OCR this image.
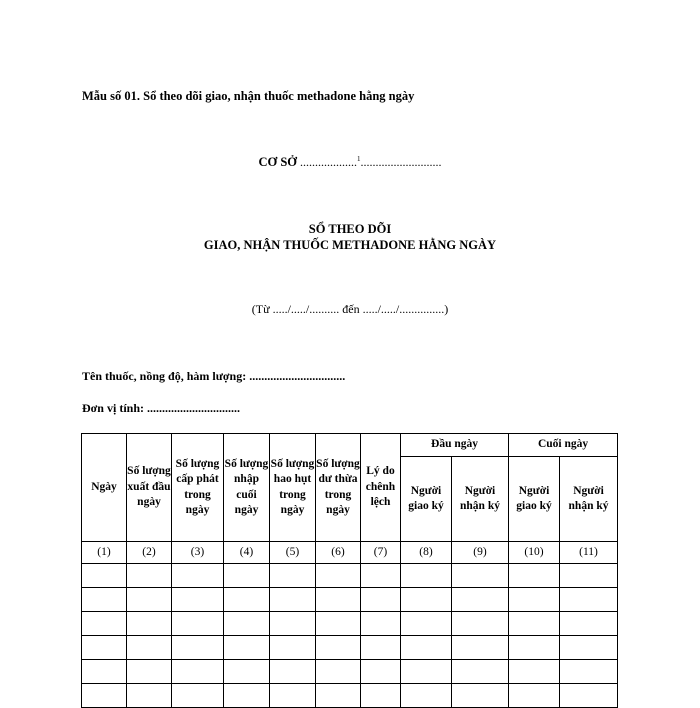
Mẫu số 01. Sổ theo dõi giao, nhận thuốc methadone hằng ngày
CƠ SỞ ...................$^1$...........................
SỔ THEO DÕI
GIAO, NHẬN THUỐC METHADONE HẰNG NGÀY
(Từ ...../...../.......... đến ...../...../...............)
Tên thuốc, nồng độ, hàm lượng: ................................
Đơn vị tính: ...............................
Ngày	Số lượng xuất đầu ngày	Số lượng cấp phát trong ngày	Số lượng nhập cuối ngày	Số lượng hao hụt trong ngày	Số lượng dư thừa trong ngày	Lý do chênh lệch	Đầu ngày		Cuối ngày	
							Người giao ký	Người nhận ký	Người giao ký	Người nhận ký
(1)	(2)	(3)	(4)	(5)	(6)	(7)	(8)	(9)	(10)	(11)
